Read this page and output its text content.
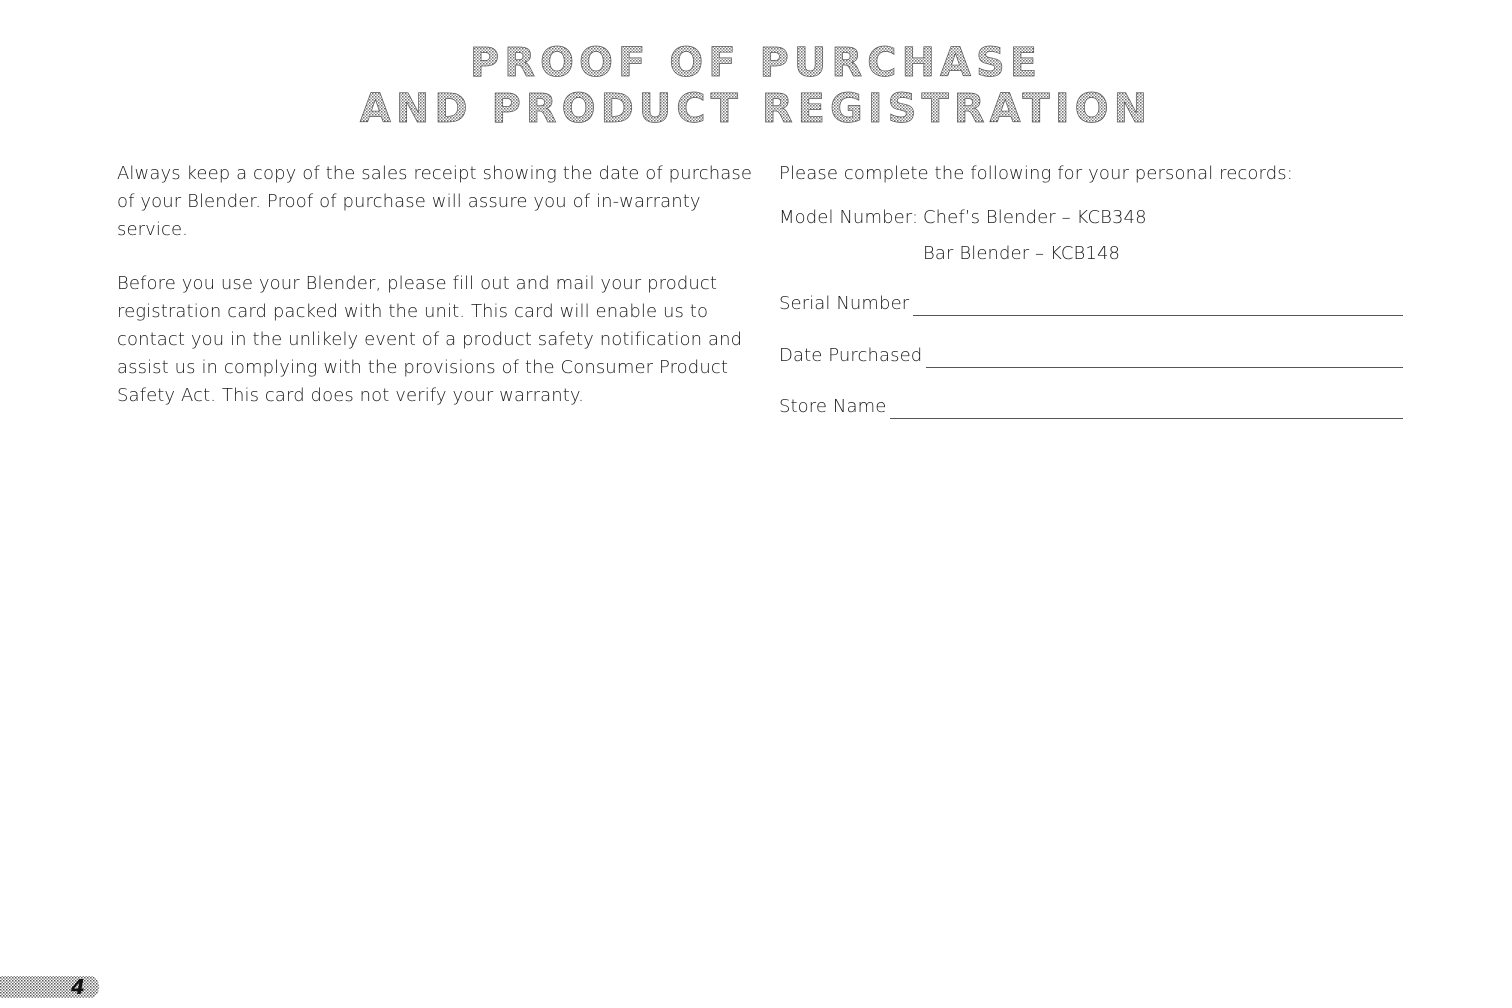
PROOF OF PURCHASE
AND PRODUCT REGISTRATION

Always keep a copy of the sales receipt showing the date of purchase of your Blender. Proof of purchase will assure you of in-warranty service.

Before you use your Blender, please fill out and mail your product registration card packed with the unit. This card will enable us to contact you in the unlikely event of a product safety notification and assist us in complying with the provisions of the Consumer Product Safety Act. This card does not verify your warranty.

Please complete the following for your personal records:

Model Number: Chef’s Blender – KCB348
Bar Blender – KCB148
Serial Number
Date Purchased
Store Name
4
